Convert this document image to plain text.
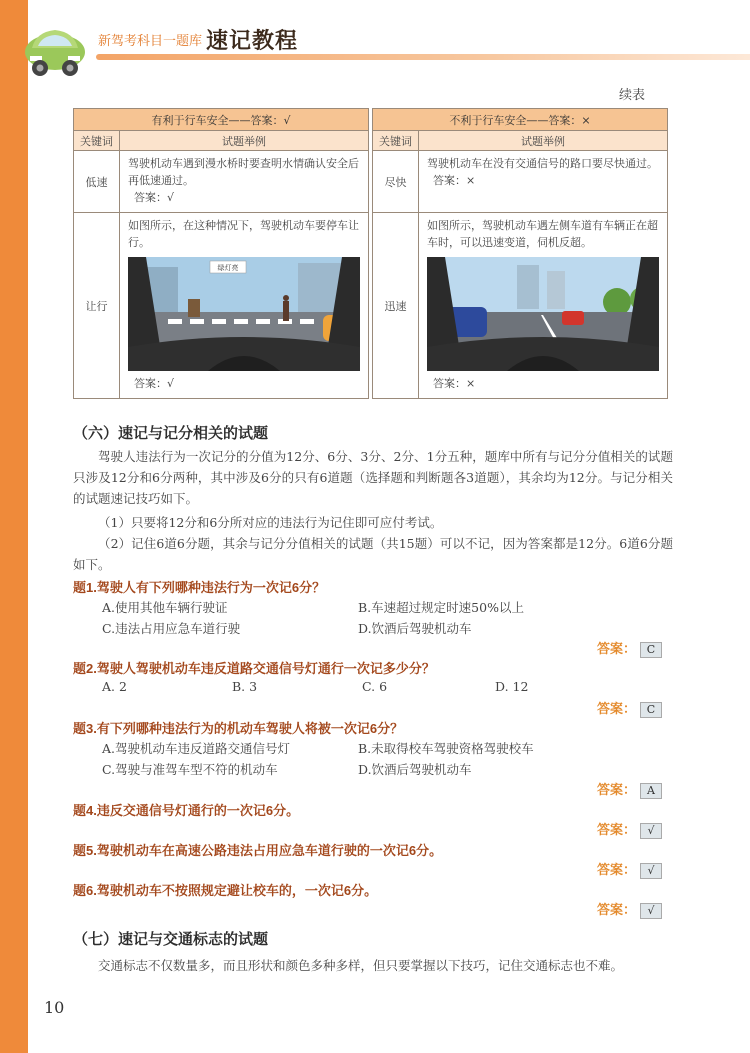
新驾考科目一题库 速记教程
续表
有利于行车安全——答案：√	
关键词	试题举例
低速	驾驶机动车遇到漫水桥时要查明水情确认安全后再低速通过。
答案：√

让行	如图所示，在这种情况下，驾驶机动车要停车让行。
绿灯亮
答案：√
不利于行车安全——答案：×	
关键词	试题举例
尽快	驾驶机动车在没有交通信号的路口要尽快通过。
答案：×

迅速	如图所示，驾驶机动车遇左侧车道有车辆正在超车时，可以迅速变道，伺机反超。
答案：×
（六）速记与记分相关的试题
驾驶人违法行为一次记分的分值为12分、6分、3分、2分、1分五种，题库中所有与记分分值相关的试题只涉及12分和6分两种，其中涉及6分的只有6道题（选择题和判断题各3道题），其余均为12分。与记分相关的试题速记技巧如下。
（1）只要将12分和6分所对应的违法行为记住即可应付考试。
（2）记住6道6分题，其余与记分分值相关的试题（共15题）可以不记，因为答案都是12分。6道6分题如下。
题1.驾驶人有下列哪种违法行为一次记6分？
A.使用其他车辆行驶证	B.车速超过规定时速50%以上
C.违法占用应急车道行驶	D.饮酒后驾驶机动车
答案： C
题2.驾驶人驾驶机动车违反道路交通信号灯通行一次记多少分？
A. 2	B. 3	C. 6	D. 12
答案： C
题3.有下列哪种违法行为的机动车驾驶人将被一次记6分？
A.驾驶机动车违反道路交通信号灯	B.未取得校车驾驶资格驾驶校车
C.驾驶与准驾车型不符的机动车	D.饮酒后驾驶机动车
答案： A
题4.违反交通信号灯通行的一次记6分。
答案： √
题5.驾驶机动车在高速公路违法占用应急车道行驶的一次记6分。
答案： √
题6.驾驶机动车不按照规定避让校车的，一次记6分。
答案： √
（七）速记与交通标志的试题
交通标志不仅数量多，而且形状和颜色多种多样，但只要掌握以下技巧，记住交通标志也不难。
10
